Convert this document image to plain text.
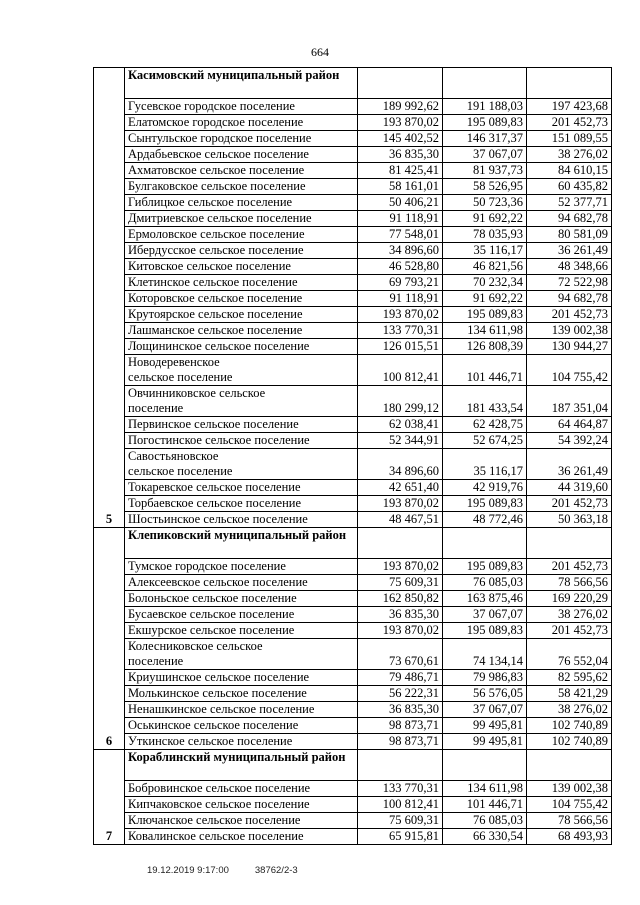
664
5	Касимовский муниципальный район			
	Гусевское городское поселение	189 992,62	191 188,03	197 423,68
	Елатомское городское поселение	193 870,02	195 089,83	201 452,73
	Сынтульское городское поселение	145 402,52	146 317,37	151 089,55
	Ардабьевское сельское поселение	36 835,30	37 067,07	38 276,02
	Ахматовское сельское поселение	81 425,41	81 937,73	84 610,15
	Булгаковское сельское поселение	58 161,01	58 526,95	60 435,82
	Гиблицкое сельское поселение	50 406,21	50 723,36	52 377,71
	Дмитриевское сельское поселение	91 118,91	91 692,22	94 682,78
	Ермоловское сельское поселение	77 548,01	78 035,93	80 581,09
	Ибердусское сельское поселение	34 896,60	35 116,17	36 261,49
	Китовское сельское поселение	46 528,80	46 821,56	48 348,66
	Клетинское сельское поселение	69 793,21	70 232,34	72 522,98
	Которовское сельское поселение	91 118,91	91 692,22	94 682,78
	Крутоярское сельское поселение	193 870,02	195 089,83	201 452,73
	Лашманское сельское поселение	133 770,31	134 611,98	139 002,38
	Лощининское сельское поселение	126 015,51	126 808,39	130 944,27
	Новодеревенское сельское поселение	100 812,41	101 446,71	104 755,42
	Овчинниковское сельское поселение	180 299,12	181 433,54	187 351,04
	Первинское сельское поселение	62 038,41	62 428,75	64 464,87
	Погостинское сельское поселение	52 344,91	52 674,25	54 392,24
	Савостьяновское сельское поселение	34 896,60	35 116,17	36 261,49
	Токаревское сельское поселение	42 651,40	42 919,76	44 319,60
	Торбаевское сельское поселение	193 870,02	195 089,83	201 452,73
	Шостьинское сельское поселение	48 467,51	48 772,46	50 363,18
6	Клепиковский муниципальный район			
	Тумское городское поселение	193 870,02	195 089,83	201 452,73
	Алексеевское сельское поселение	75 609,31	76 085,03	78 566,56
	Болоньское сельское поселение	162 850,82	163 875,46	169 220,29
	Бусаевское сельское поселение	36 835,30	37 067,07	38 276,02
	Екшурское сельское поселение	193 870,02	195 089,83	201 452,73
	Колесниковское сельское поселение	73 670,61	74 134,14	76 552,04
	Криушинское сельское поселение	79 486,71	79 986,83	82 595,62
	Молькинское сельское поселение	56 222,31	56 576,05	58 421,29
	Ненашкинское сельское поселение	36 835,30	37 067,07	38 276,02
	Оськинское сельское поселение	98 873,71	99 495,81	102 740,89
	Уткинское сельское поселение	98 873,71	99 495,81	102 740,89
7	Кораблинский муниципальный район			
	Бобровинское сельское поселение	133 770,31	134 611,98	139 002,38
	Кипчаковское сельское поселение	100 812,41	101 446,71	104 755,42
	Ключанское сельское поселение	75 609,31	76 085,03	78 566,56
	Ковалинское сельское поселение	65 915,81	66 330,54	68 493,93
19.12.2019 9:17:00	38762/2-3
